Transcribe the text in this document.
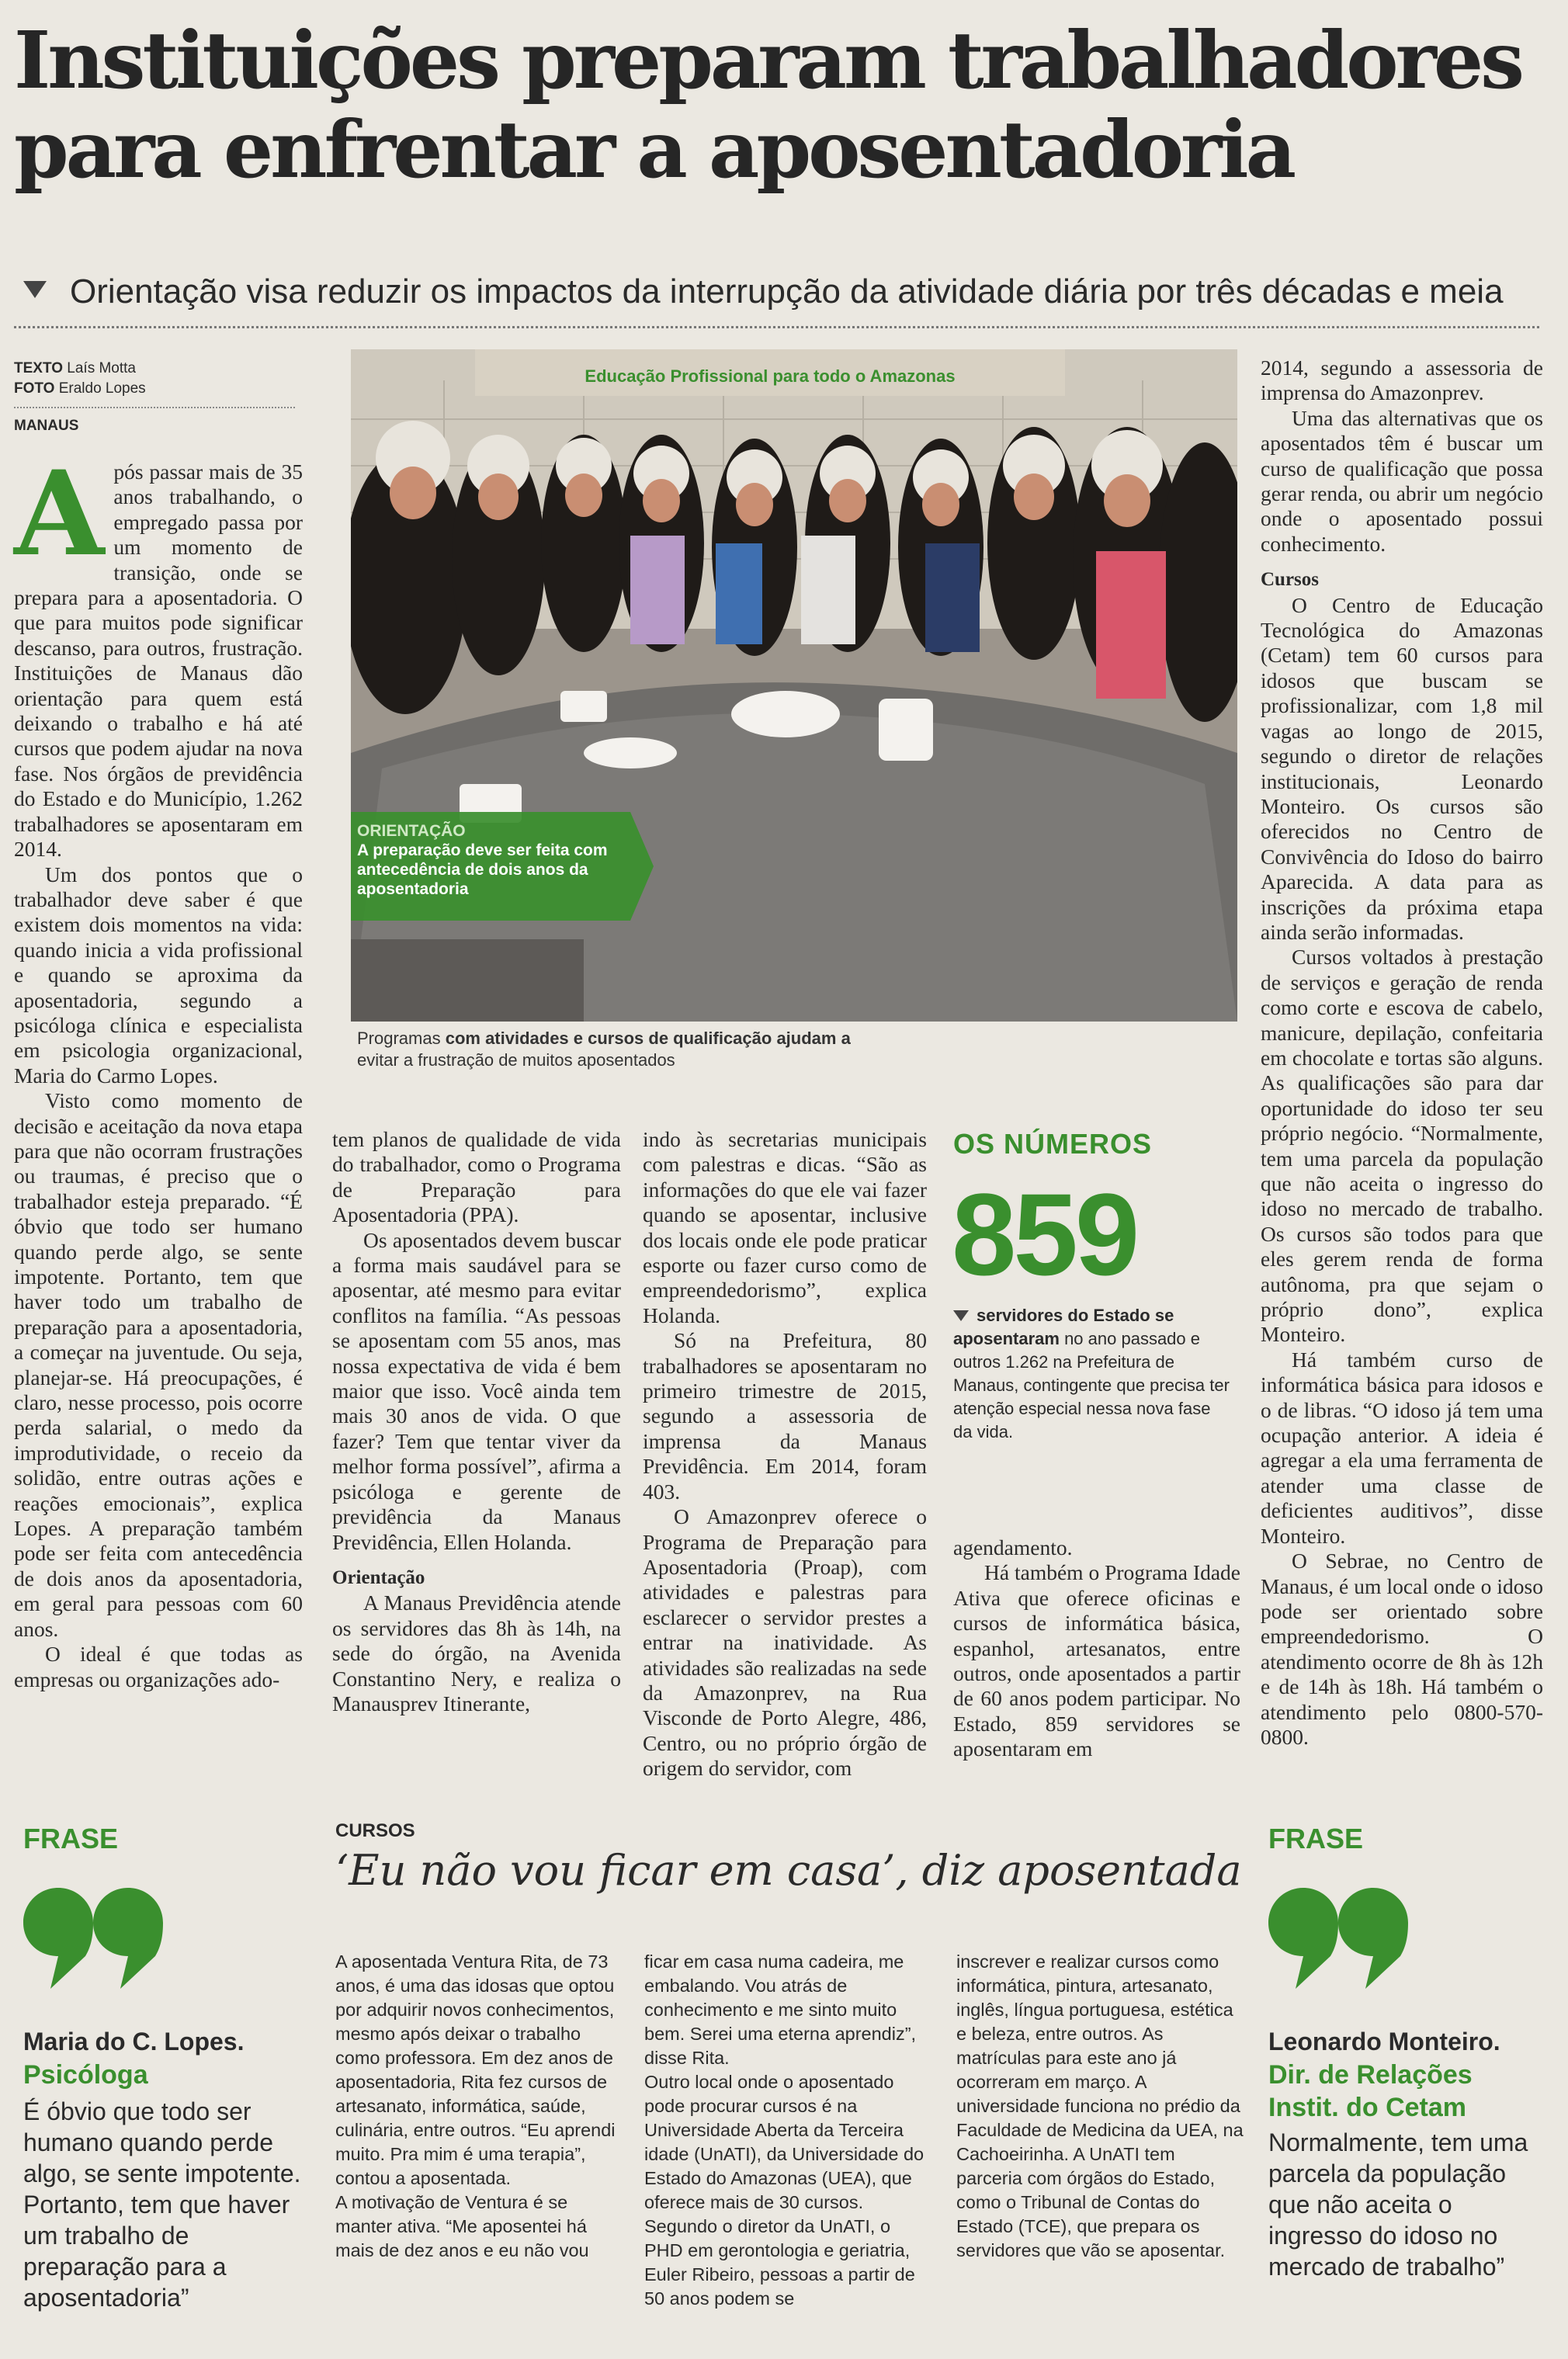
Instituições preparam trabalhadores para enfrentar a aposentadoria
Orientação visa reduzir os impactos da interrupção da atividade diária por três décadas e meia
TEXTO Laís Motta
FOTO Eraldo Lopes
MANAUS

Após passar mais de 35 anos trabalhando, o empregado passa por um momento de transição, onde se prepara para a aposentadoria. O que para muitos pode significar descanso, para outros, frustração. Instituições de Manaus dão orientação para quem está deixando o trabalho e há até cursos que podem ajudar na nova fase. Nos órgãos de previdência do Estado e do Município, 1.262 trabalhadores se aposentaram em 2014.

Um dos pontos que o trabalhador deve saber é que existem dois momentos na vida: quando inicia a vida profissional e quando se aproxima da aposentadoria, segundo a psicóloga clínica e especialista em psicologia organizacional, Maria do Carmo Lopes.

Visto como momento de decisão e aceitação da nova etapa para que não ocorram frustrações ou traumas, é preciso que o trabalhador esteja preparado. “É óbvio que todo ser humano quando perde algo, se sente impotente. Portanto, tem que haver todo um trabalho de preparação para a aposentadoria, a começar na juventude. Ou seja, planejar-se. Há preocupações, é claro, nesse processo, pois ocorre perda salarial, o medo da improdutividade, o receio da solidão, entre outras ações e reações emocionais”, explica Lopes. A preparação também pode ser feita com antecedência de dois anos da aposentadoria, em geral para pessoas com 60 anos.

O ideal é que todas as empresas ou organizações ado-

Educação Profissional para todo o Amazonas
ORIENTAÇÃO
A preparação deve ser feita com antecedência de dois anos da aposentadoria
Programas com atividades e cursos de qualificação ajudam a
evitar a frustração de muitos aposentados

tem planos de qualidade de vida do trabalhador, como o Programa de Preparação para Aposentadoria (PPA).

Os aposentados devem buscar a forma mais saudável para se aposentar, até mesmo para evitar conflitos na família. “As pessoas se aposentam com 55 anos, mas nossa expectativa de vida é bem maior que isso. Você ainda tem mais 30 anos de vida. O que fazer? Tem que tentar viver da melhor forma possível”, afirma a psicóloga e gerente de previdência da Manaus Previdência, Ellen Holanda.

Orientação

A Manaus Previdência atende os servidores das 8h às 14h, na sede do órgão, na Avenida Constantino Nery, e realiza o Manausprev Itinerante,

indo às secretarias municipais com palestras e dicas. “São as informações do que ele vai fazer quando se aposentar, inclusive dos locais onde ele pode praticar esporte ou fazer curso como de empreendedorismo”, explica Holanda.

Só na Prefeitura, 80 trabalhadores se aposentaram no primeiro trimestre de 2015, segundo a assessoria de imprensa da Manaus Previdência. Em 2014, foram 403.

O Amazonprev oferece o Programa de Preparação para Aposentadoria (Proap), com atividades e palestras para esclarecer o servidor prestes a entrar na inatividade. As atividades são realizadas na sede da Amazonprev, na Rua Visconde de Porto Alegre, 486, Centro, ou no próprio órgão de origem do servidor, com

OS NÚMEROS
859
servidores do Estado se aposentaram no ano passado e outros 1.262 na Prefeitura de Manaus, contingente que precisa ter atenção especial nessa nova fase da vida.

agendamento.

Há também o Programa Idade Ativa que oferece oficinas e cursos de informática básica, espanhol, artesanatos, entre outros, onde aposentados a partir de 60 anos podem participar. No Estado, 859 servidores se aposentaram em

2014, segundo a assessoria de imprensa do Amazonprev.

Uma das alternativas que os aposentados têm é buscar um curso de qualificação que possa gerar renda, ou abrir um negócio onde o aposentado possui conhecimento.

Cursos

O Centro de Educação Tecnológica do Amazonas (Cetam) tem 60 cursos para idosos que buscam se profissionalizar, com 1,8 mil vagas ao longo de 2015, segundo o diretor de relações institucionais, Leonardo Monteiro. Os cursos são oferecidos no Centro de Convivência do Idoso do bairro Aparecida. A data para as inscrições da próxima etapa ainda serão informadas.

Cursos voltados à prestação de serviços e geração de renda como corte e escova de cabelo, manicure, depilação, confeitaria em chocolate e tortas são alguns. As qualificações são para dar oportunidade do idoso ter seu próprio negócio. “Normalmente, tem uma parcela da população que não aceita o ingresso do idoso no mercado de trabalho. Os cursos são todos para que eles gerem renda de forma autônoma, pra que sejam o próprio dono”, explica Monteiro.

Há também curso de informática básica para idosos e o de libras. “O idoso já tem uma ocupação anterior. A ideia é agregar a ela uma ferramenta de atender uma classe de deficientes auditivos”, disse Monteiro.

O Sebrae, no Centro de Manaus, é um local onde o idoso pode ser orientado sobre empreendedorismo. O atendimento ocorre de 8h às 12h e de 14h às 18h. Há também o atendimento pelo 0800-570-0800.

FRASE
Maria do C. Lopes.
Psicóloga
É óbvio que todo ser humano quando perde algo, se sente impotente. Portanto, tem que haver um trabalho de preparação para a aposentadoria”
FRASE
Leonardo Monteiro.
Dir. de Relações Instit. do Cetam
Normalmente, tem uma parcela da população que não aceita o ingresso do idoso no mercado de trabalho”
CURSOS
‘Eu não vou ficar em casa’, diz aposentada

A aposentada Ventura Rita, de 73 anos, é uma das idosas que optou por adquirir novos conhecimentos, mesmo após deixar o trabalho como professora. Em dez anos de aposentadoria, Rita fez cursos de artesanato, informática, saúde, culinária, entre outros. “Eu aprendi muito. Pra mim é uma terapia”, contou a aposentada.

A motivação de Ventura é se manter ativa. “Me aposentei há mais de dez anos e eu não vou

ficar em casa numa cadeira, me embalando. Vou atrás de conhecimento e me sinto muito bem. Serei uma eterna aprendiz”, disse Rita.

Outro local onde o aposentado pode procurar cursos é na Universidade Aberta da Terceira idade (UnATI), da Universidade do Estado do Amazonas (UEA), que oferece mais de 30 cursos. Segundo o diretor da UnATI, o PHD em gerontologia e geriatria, Euler Ribeiro, pessoas a partir de 50 anos podem se

inscrever e realizar cursos como informática, pintura, artesanato, inglês, língua portuguesa, estética e beleza, entre outros. As matrículas para este ano já ocorreram em março. A universidade funciona no prédio da Faculdade de Medicina da UEA, na Cachoeirinha. A UnATI tem parceria com órgãos do Estado, como o Tribunal de Contas do Estado (TCE), que prepara os servidores que vão se aposentar.
